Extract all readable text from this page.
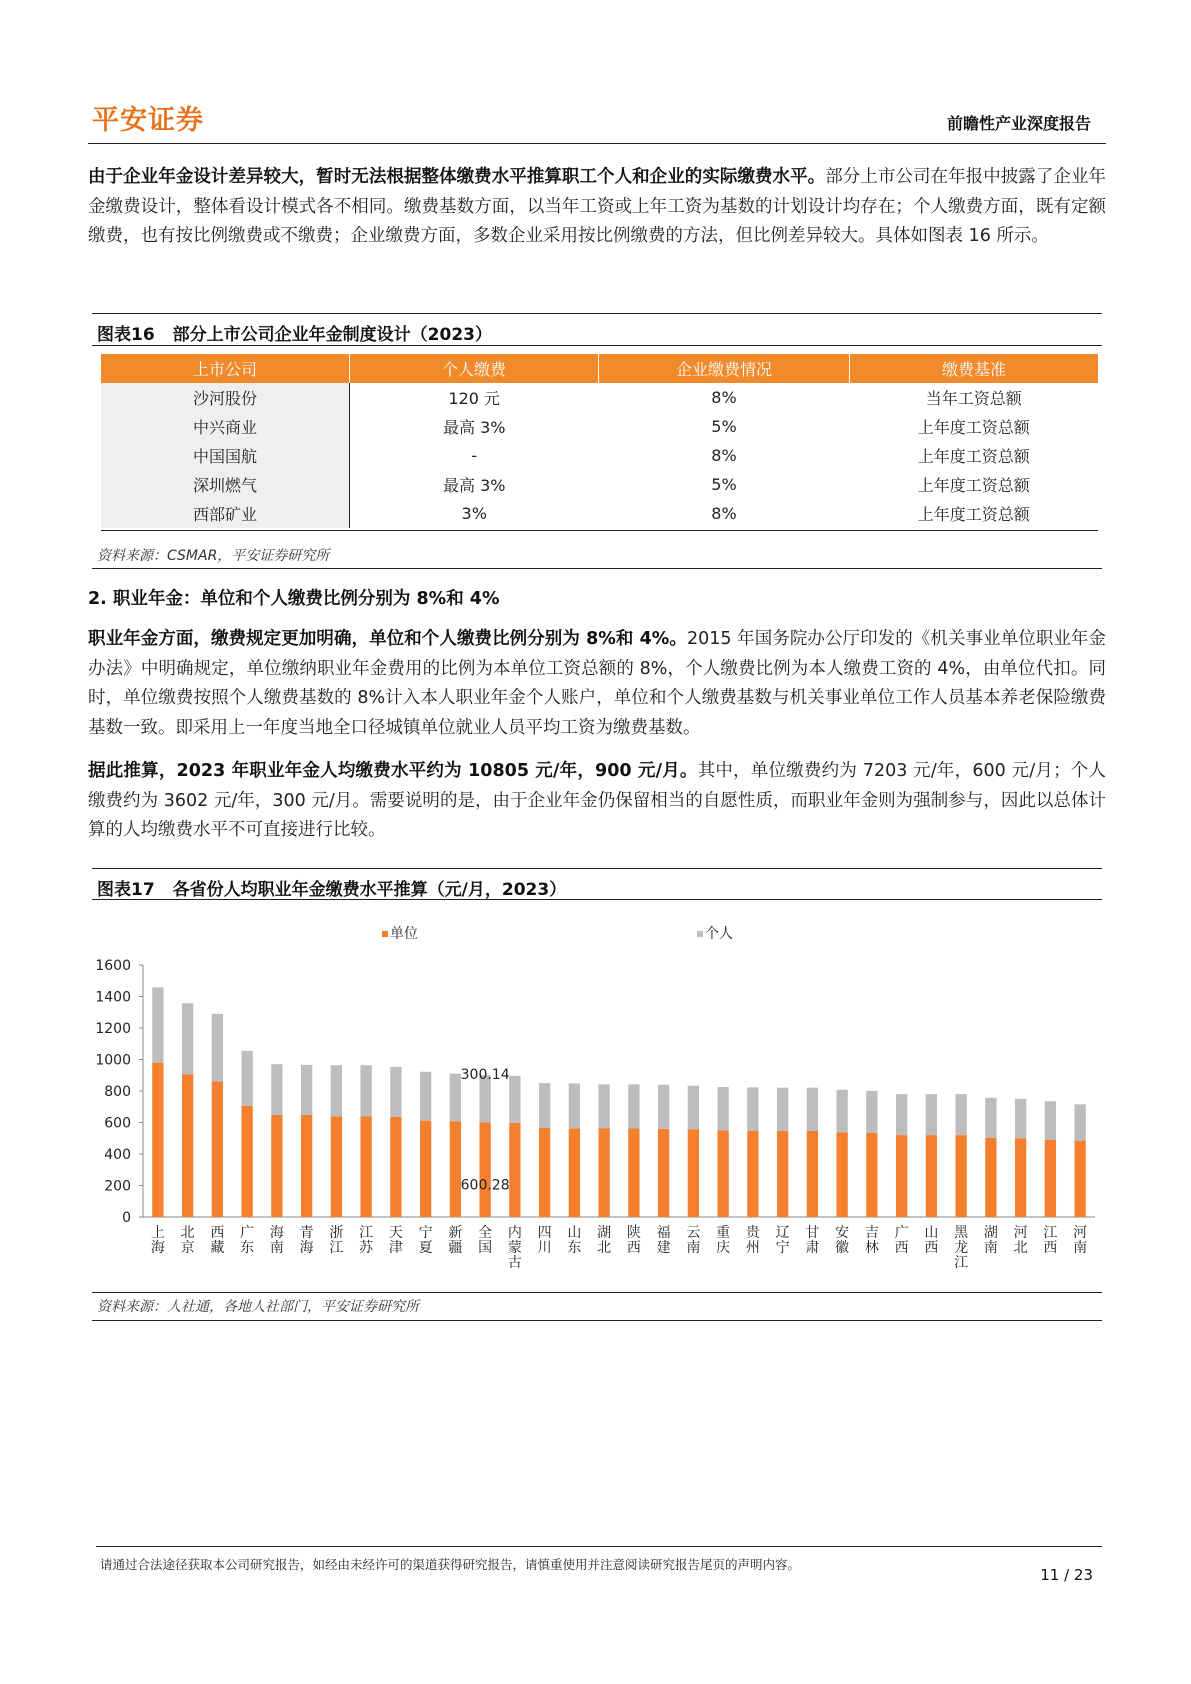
平安证券	前瞻性产业深度报告
由于企业年金设计差异较大，暂时无法根据整体缴费水平推算职工个人和企业的实际缴费水平。部分上市公司在年报中披露了企业年金缴费设计，整体看设计模式各不相同。缴费基数方面，以当年工资或上年工资为基数的计划设计均存在；个人缴费方面，既有定额缴费，也有按比例缴费或不缴费；企业缴费方面，多数企业采用按比例缴费的方法，但比例差异较大。具体如图表 16 所示。
图表16 部分上市公司企业年金制度设计（2023）
上市公司	个人缴费	企业缴费情况	缴费基准
沙河股份	120 元	8%	当年工资总额
中兴商业	最高 3%	5%	上年度工资总额
中国国航	-	8%	上年度工资总额
深圳燃气	最高 3%	5%	上年度工资总额
西部矿业	3%	8%	上年度工资总额
资料来源：CSMAR，平安证券研究所
2. 职业年金：单位和个人缴费比例分别为 8%和 4%
职业年金方面，缴费规定更加明确，单位和个人缴费比例分别为 8%和 4%。2015 年国务院办公厅印发的《机关事业单位职业年金办法》中明确规定，单位缴纳职业年金费用的比例为本单位工资总额的 8%，个人缴费比例为本人缴费工资的 4%，由单位代扣。同时，单位缴费按照个人缴费基数的 8%计入本人职业年金个人账户，单位和个人缴费基数与机关事业单位工作人员基本养老保险缴费基数一致。即采用上一年度当地全口径城镇单位就业人员平均工资为缴费基数。
据此推算，2023 年职业年金人均缴费水平约为 10805 元/年，900 元/月。其中，单位缴费约为 7203 元/年，600 元/月；个人缴费约为 3602 元/年，300 元/月。需要说明的是，由于企业年金仍保留相当的自愿性质，而职业年金则为强制参与，因此以总体计算的人均缴费水平不可直接进行比较。
图表17 各省份人均职业年金缴费水平推算（元/月，2023）
0
200
400
600
800
1000
1200
1400
1600
单位	个人
上海
北京
西藏
广东
海南
青海
浙江
江苏
天津
宁夏
新疆
全国
内蒙古
四川
山东
湖北
陕西
福建
云南
重庆
贵州
辽宁
甘肃
安徽
吉林
广西
山西
黑龙江
湖南
河北
江西
河南
300.14
600.28
资料来源：人社通，各地人社部门，平安证券研究所
请通过合法途径获取本公司研究报告，如经由未经许可的渠道获得研究报告，请慎重使用并注意阅读研究报告尾页的声明内容。
11 / 23
